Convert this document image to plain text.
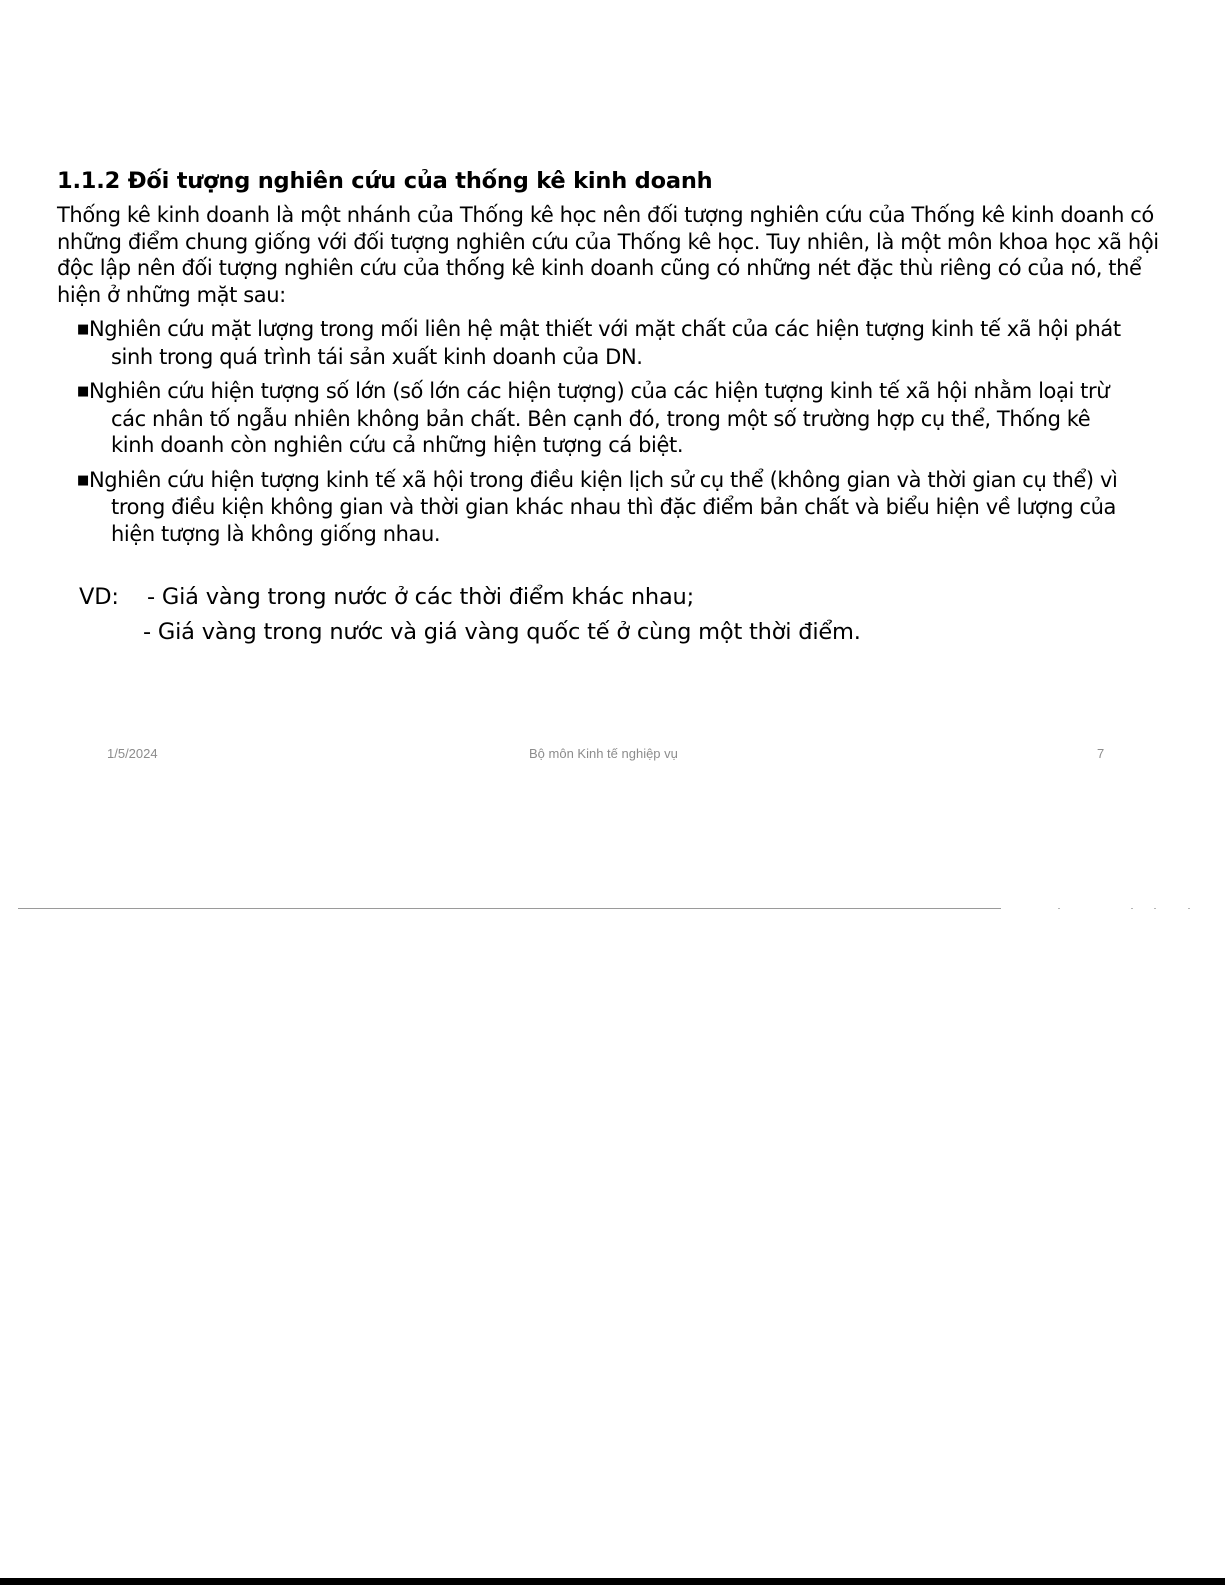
1.1.2 Đối tượng nghiên cứu của thống kê kinh doanh
Thống kê kinh doanh là một nhánh của Thống kê học nên đối tượng nghiên cứu của Thống kê kinh doanh có những điểm chung giống với đối tượng nghiên cứu của Thống kê học. Tuy nhiên, là một môn khoa học xã hội độc lập nên đối tượng nghiên cứu của thống kê kinh doanh cũng có những nét đặc thù riêng có của nó, thể hiện ở những mặt sau:
■Nghiên cứu mặt lượng trong mối liên hệ mật thiết với mặt chất của các hiện tượng kinh tế xã hội phát sinh trong quá trình tái sản xuất kinh doanh của DN.
■Nghiên cứu hiện tượng số lớn (số lớn các hiện tượng) của các hiện tượng kinh tế xã hội nhằm loại trừ các nhân tố ngẫu nhiên không bản chất. Bên cạnh đó, trong một số trường hợp cụ thể, Thống kê kinh doanh còn nghiên cứu cả những hiện tượng cá biệt.
■Nghiên cứu hiện tượng kinh tế xã hội trong điều kiện lịch sử cụ thể (không gian và thời gian cụ thể) vì trong điều kiện không gian và thời gian khác nhau thì đặc điểm bản chất và biểu hiện về lượng của hiện tượng là không giống nhau.
VD: - Giá vàng trong nước ở các thời điểm khác nhau;
- Giá vàng trong nước và giá vàng quốc tế ở cùng một thời điểm.
1/5/2024	Bộ môn Kinh tế nghiệp vụ	7
